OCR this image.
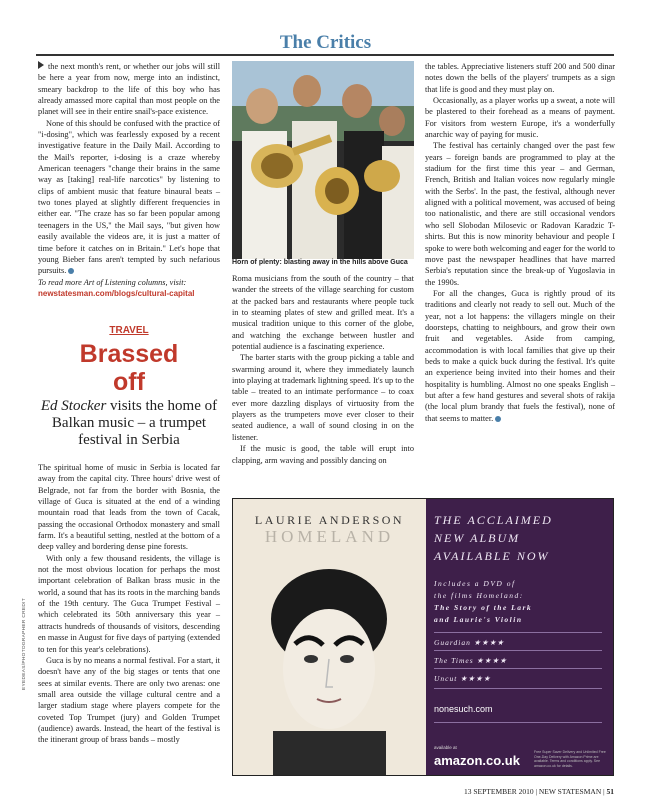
The Critics

the next month's rent, or whether our jobs will still be here a year from now, merge into an indistinct, smeary backdrop to the life of this boy who has already amassed more capital than most people on the planet will see in their entire snail's-pace existence.

None of this should be confused with the practice of "i-dosing", which was fearlessly exposed by a recent investigative feature in the Daily Mail. According to the Mail's reporter, i-dosing is a craze whereby American teenagers "change their brains in the same way as [taking] real-life narcotics" by listening to clips of ambient music that feature binaural beats – two tones played at slightly different frequencies in either ear. "The craze has so far been popular among teenagers in the US," the Mail says, "but given how easily available the videos are, it is just a matter of time before it catches on in Britain." Let's hope that young Bieber fans aren't tempted by such nefarious pursuits.

To read more Art of Listening columns, visit:
newstatesman.com/blogs/cultural-capital

TRAVEL
Brassed
off
Ed Stocker visits the home of Balkan music – a trumpet festival in Serbia

The spiritual home of music in Serbia is located far away from the capital city. Three hours' drive west of Belgrade, not far from the border with Bosnia, the village of Guca is situated at the end of a winding mountain road that leads from the town of Cacak, passing the occasional Orthodox monastery and small farm. It's a beautiful setting, nestled at the bottom of a deep valley and bordering dense pine forests.

With only a few thousand residents, the village is not the most obvious location for perhaps the most important celebration of Balkan brass music in the world, a sound that has its roots in the marching bands of the 19th century. The Guca Trumpet Festival – which celebrated its 50th anniversary this year – attracts hundreds of thousands of visitors, descending en masse in August for five days of partying (extended to ten for this year's celebrations).

Guca is by no means a normal festival. For a start, it doesn't have any of the big stages or tents that one sees at similar events. There are only two arenas: one small area outside the village cultural centre and a larger stadium stage where players compete for the coveted Top Trumpet (jury) and Golden Trumpet (audience) awards. Instead, the heart of the festival is the itinerant group of brass bands – mostly

EYEDEAS/PHOTOGRAPHER CREDIT
Horn of plenty: blasting away in the hills above Guca

Roma musicians from the south of the country – that wander the streets of the village searching for custom at the packed bars and restaurants where people tuck in to steaming plates of stew and grilled meat. It's a musical tradition unique to this corner of the globe, and watching the exchange between hustler and potential audience is a fascinating experience.

The barter starts with the group picking a table and swarming around it, where they immediately launch into playing at trademark lightning speed. It's up to the table – treated to an intimate performance – to coax ever more dazzling displays of virtuosity from the players as the trumpeters move ever closer to their seated audience, a wall of sound closing in on the listener.

If the music is good, the table will erupt into clapping, arm waving and possibly dancing on

the tables. Appreciative listeners stuff 200 and 500 dinar notes down the bells of the players' trumpets as a sign that life is good and they must play on.

Occasionally, as a player works up a sweat, a note will be plastered to their forehead as a means of payment. For visitors from western Europe, it's a wonderfully anarchic way of paying for music.

The festival has certainly changed over the past few years – foreign bands are programmed to play at the stadium for the first time this year – and German, French, British and Italian voices now regularly mingle with the Serbs'. In the past, the festival, although never aligned with a political movement, was accused of being too nationalistic, and there are still occasional vendors who sell Slobodan Milosevic or Radovan Karadzic T-shirts. But this is now minority behaviour and people I spoke to were both welcoming and eager for the world to move past the newspaper headlines that have marred Serbia's reputation since the break-up of Yugoslavia in the 1990s.

For all the changes, Guca is rightly proud of its traditions and clearly not ready to sell out. Much of the year, not a lot happens: the villagers mingle on their doorsteps, chatting to neighbours, and grow their own fruit and vegetables. Aside from camping, accommodation is with local families that give up their beds to make a quick buck during the festival. It's quite an experience being invited into their homes and their hospitality is humbling. Almost no one speaks English – but after a few hand gestures and several shots of rakija (the local plum brandy that fuels the festival), none of that seems to matter.

LAURIE ANDERSON
HOMELAND
THE ACCLAIMED
NEW ALBUM
AVAILABLE NOW
Includes a DVD of
the films Homeland:
The Story of the Lark
and Laurie's Violin
Guardian ★★★★
The Times ★★★★
Uncut ★★★★
NONESUCH
nonesuch.com
available at
amazon.co.uk
Free Super Saver Delivery and Unlimited Free One-Day Delivery with Amazon Prime are available. Terms and conditions apply. See amazon.co.uk for details.
13 SEPTEMBER 2010 | NEW STATESMAN | 51
